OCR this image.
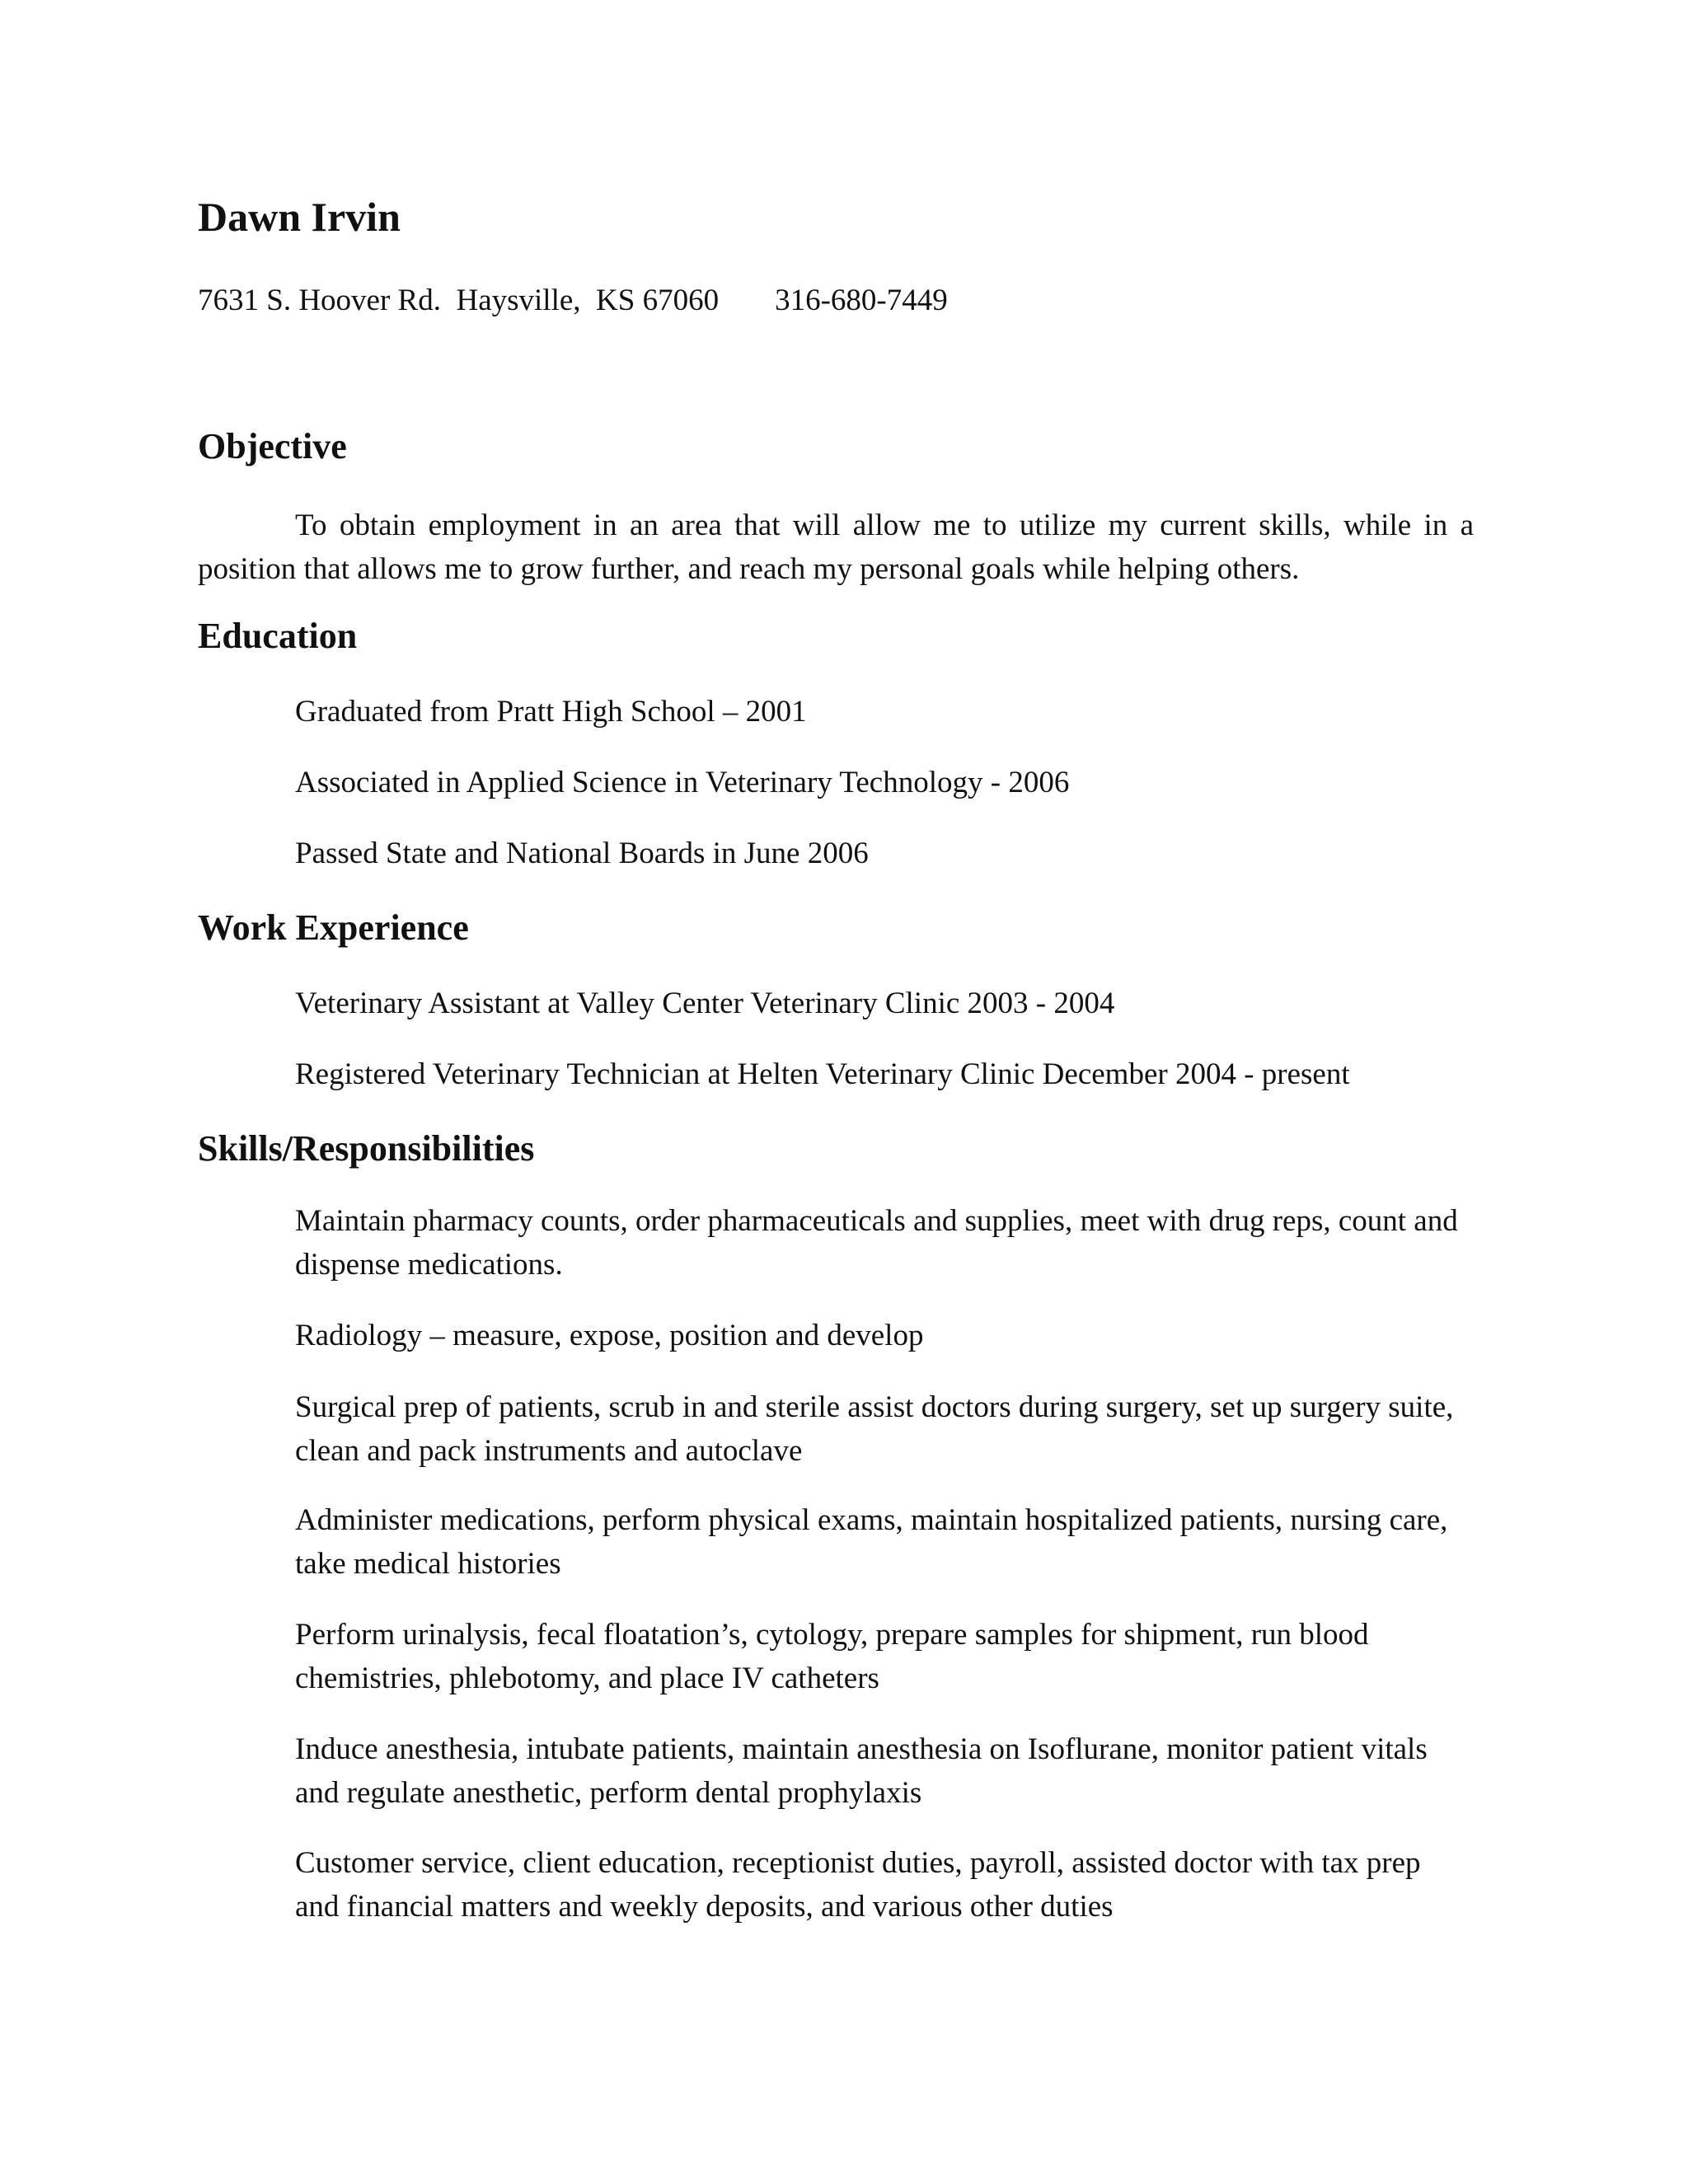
Dawn Irvin
7631 S. Hoover Rd.  Haysville,  KS 67060 316-680-7449
Objective

To obtain employment in an area that will allow me to utilize my current skills, while in a position that allows me to grow further, and reach my personal goals while helping others.

Education

Graduated from Pratt High School – 2001

Associated in Applied Science in Veterinary Technology - 2006

Passed State and National Boards in June 2006

Work Experience

Veterinary Assistant at Valley Center Veterinary Clinic 2003 - 2004

Registered Veterinary Technician at Helten Veterinary Clinic December 2004 - present

Skills/Responsibilities

Maintain pharmacy counts, order pharmaceuticals and supplies, meet with drug reps, count and dispense medications.

Radiology – measure, expose, position and develop

Surgical prep of patients, scrub in and sterile assist doctors during surgery, set up surgery suite, clean and pack instruments and autoclave

Administer medications, perform physical exams, maintain hospitalized patients, nursing care, take medical histories

Perform urinalysis, fecal floatation’s, cytology, prepare samples for shipment, run blood chemistries, phlebotomy, and place IV catheters

Induce anesthesia, intubate patients, maintain anesthesia on Isoflurane, monitor patient vitals and regulate anesthetic, perform dental prophylaxis

Customer service, client education, receptionist duties, payroll, assisted doctor with tax prep and financial matters and weekly deposits, and various other duties
